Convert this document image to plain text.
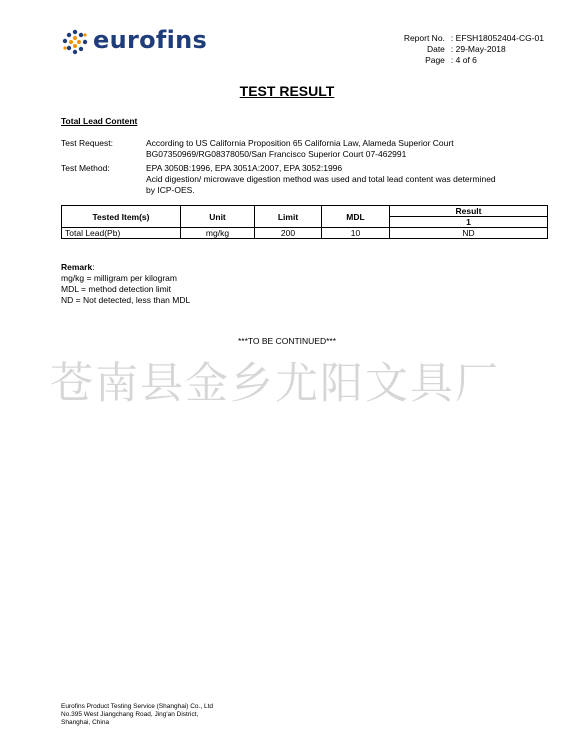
eurofins	Report No.	: EFSH18052404-CG-01
Date	: 29-May-2018
Page	: 4 of 6
TEST RESULT
Total Lead Content
Test Request:	According to US California Proposition 65 California Law, Alameda Superior Court
BG07350969/RG08378050/San Francisco Superior Court 07-462991
Test Method:	EPA 3050B:1996, EPA 3051A:2007, EPA 3052:1996
Acid digestion/ microwave digestion method was used and total lead content was determined
by ICP-OES.
Tested Item(s)	Unit	Limit	MDL	Result
				1
Total Lead(Pb)	mg/kg	200	10	ND
Remark:
mg/kg = milligram per kilogram
MDL = method detection limit
ND = Not detected, less than MDL
***TO BE CONTINUED***
苍南县金乡尤阳文具厂
Eurofins Product Testing Service (Shanghai) Co., Ltd
No.395 West Jiangchang Road, Jing'an District,
Shanghai, China
